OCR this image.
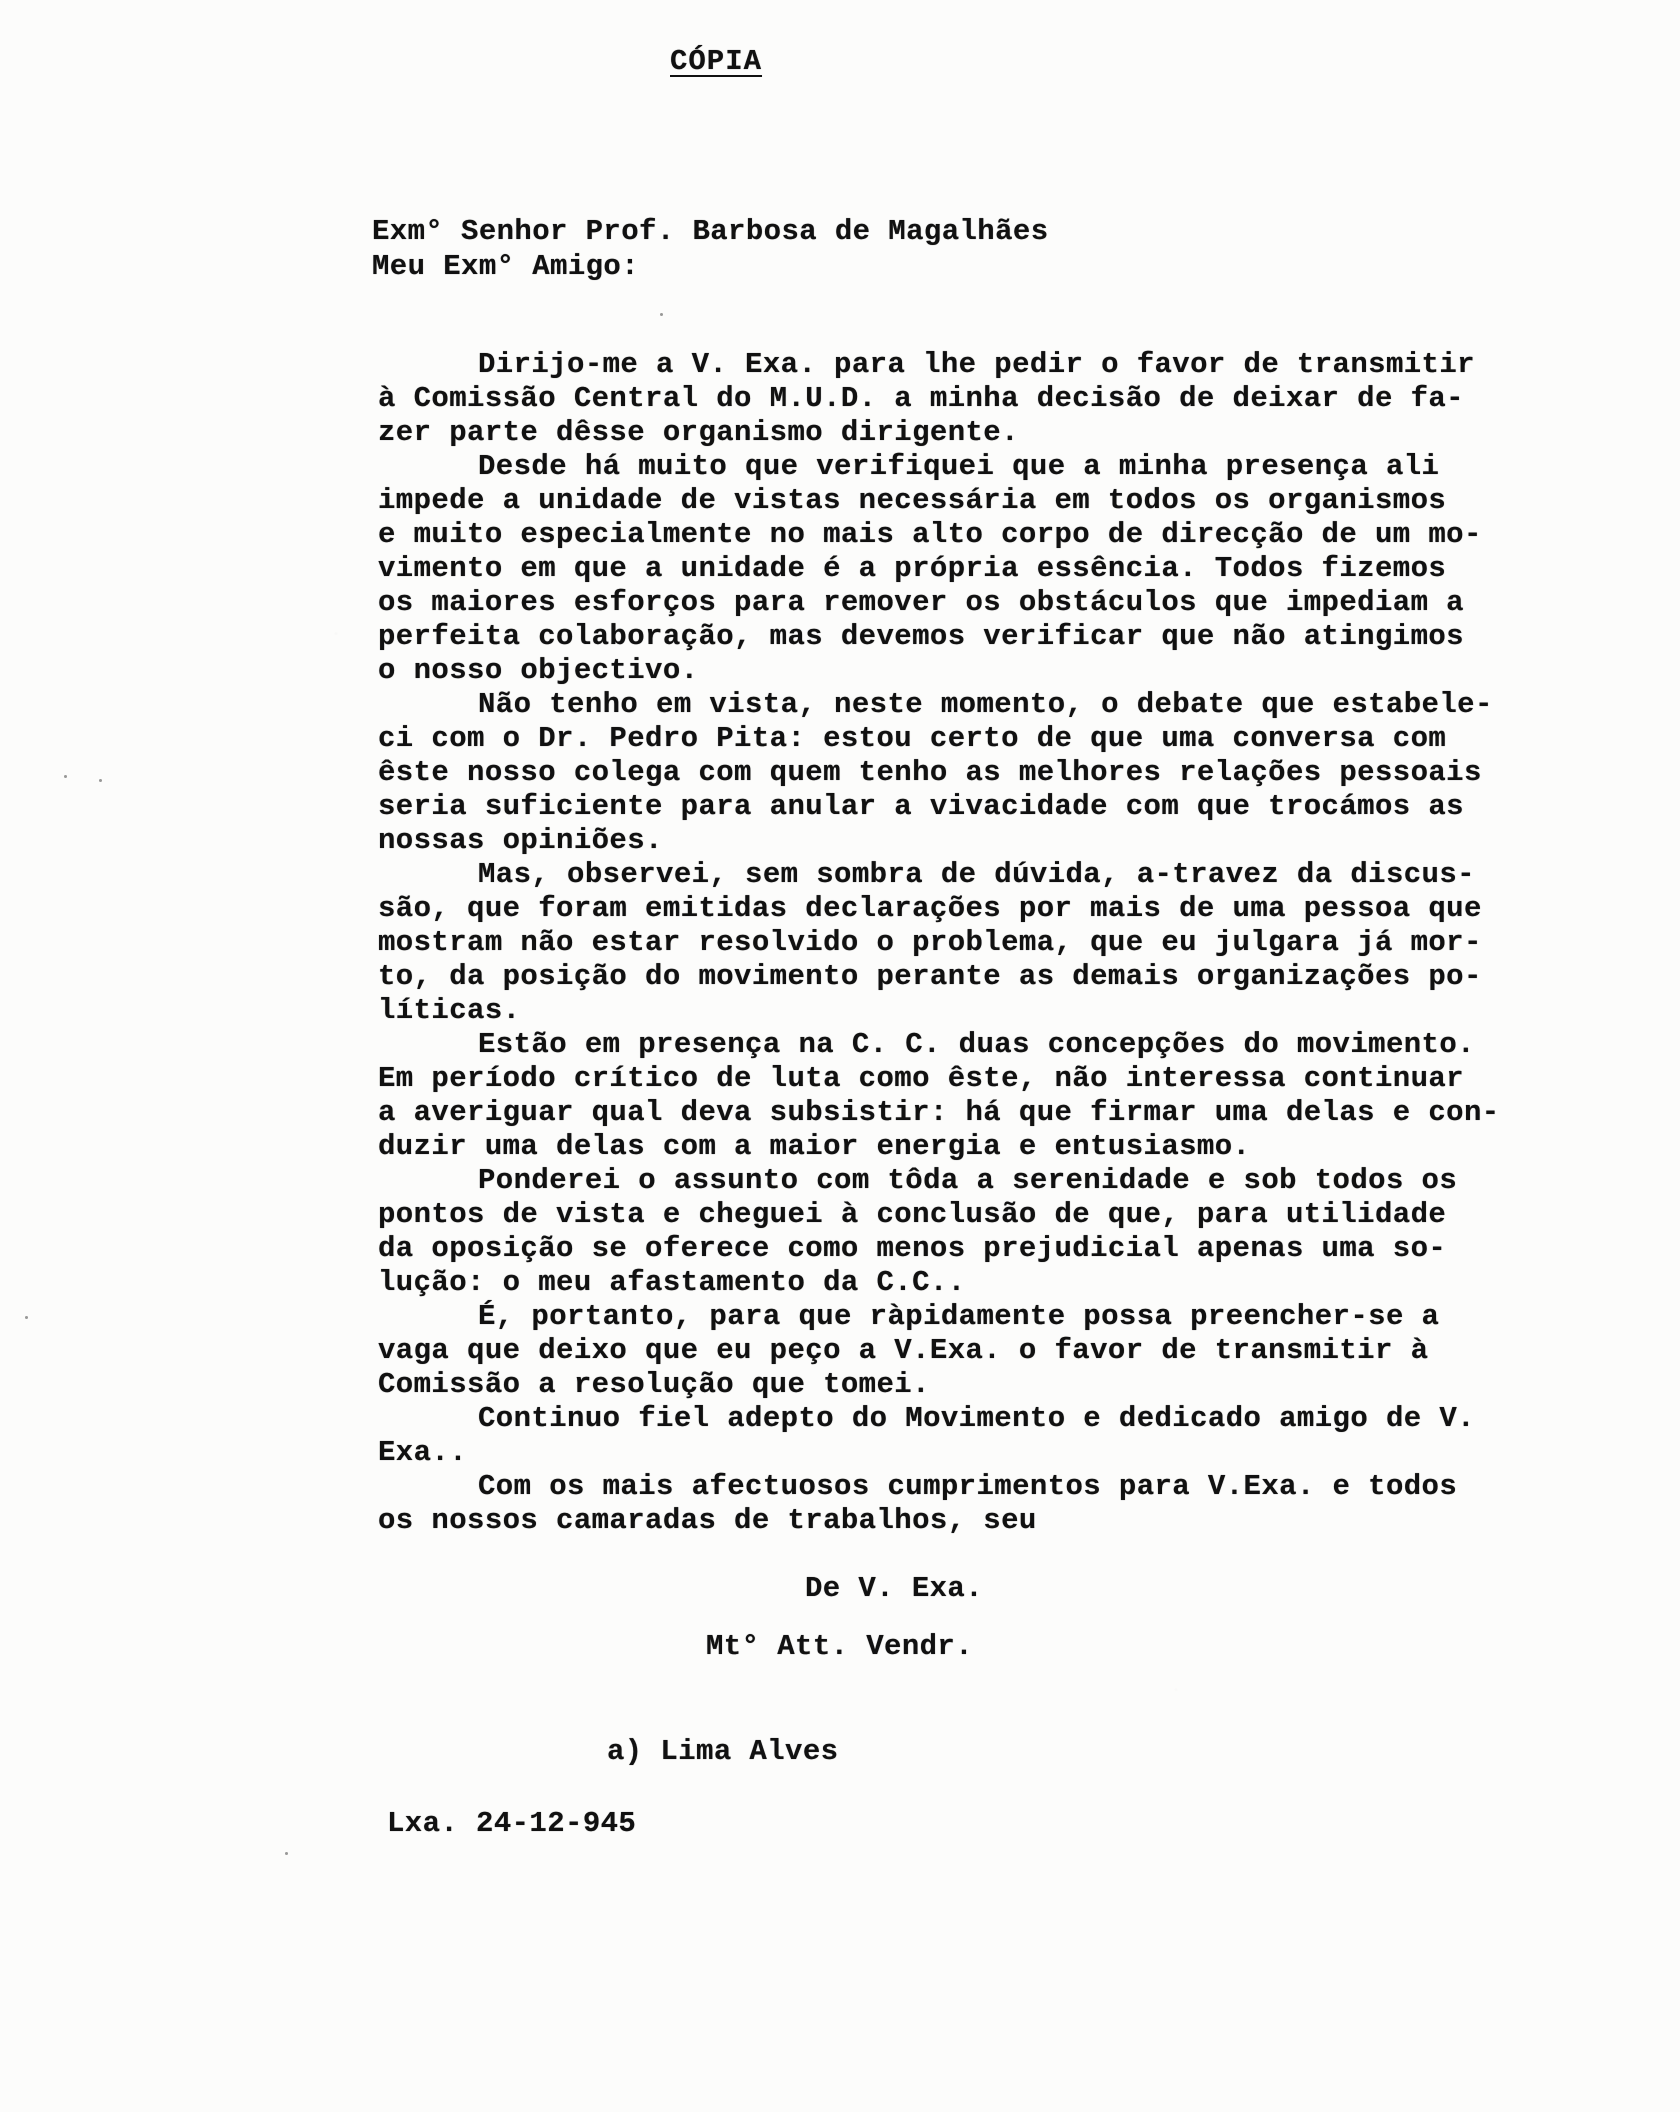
CÓPIA
Exm° Senhor Prof. Barbosa de Magalhães
Meu Exm° Amigo:
Dirijo-me a V. Exa. para lhe pedir o favor de transmitir
à Comissão Central do M.U.D. a minha decisão de deixar de fa-
zer parte dêsse organismo dirigente.
Desde há muito que verifiquei que a minha presença ali
impede a unidade de vistas necessária em todos os organismos
e muito especialmente no mais alto corpo de direcção de um mo-
vimento em que a unidade é a própria essência. Todos fizemos
os maiores esforços para remover os obstáculos que impediam a
perfeita colaboração, mas devemos verificar que não atingimos
o nosso objectivo.
Não tenho em vista, neste momento, o debate que estabele-
ci com o Dr. Pedro Pita: estou certo de que uma conversa com
êste nosso colega com quem tenho as melhores relações pessoais
seria suficiente para anular a vivacidade com que trocámos as
nossas opiniões.
Mas, observei, sem sombra de dúvida, a-travez da discus-
são, que foram emitidas declarações por mais de uma pessoa que
mostram não estar resolvido o problema, que eu julgara já mor-
to, da posição do movimento perante as demais organizações po-
líticas.
Estão em presença na C. C. duas concepções do movimento.
Em período crítico de luta como êste, não interessa continuar
a averiguar qual deva subsistir: há que firmar uma delas e con-
duzir uma delas com a maior energia e entusiasmo.
Ponderei o assunto com tôda a serenidade e sob todos os
pontos de vista e cheguei à conclusão de que, para utilidade
da oposição se oferece como menos prejudicial apenas uma so-
lução: o meu afastamento da C.C..
É, portanto, para que ràpidamente possa preencher-se a
vaga que deixo que eu peço a V.Exa. o favor de transmitir à
Comissão a resolução que tomei.
Continuo fiel adepto do Movimento e dedicado amigo de V.
Exa..
Com os mais afectuosos cumprimentos para V.Exa. e todos
os nossos camaradas de trabalhos, seu
De V. Exa.
Mt° Att. Vendr.
a) Lima Alves
Lxa. 24-12-945
